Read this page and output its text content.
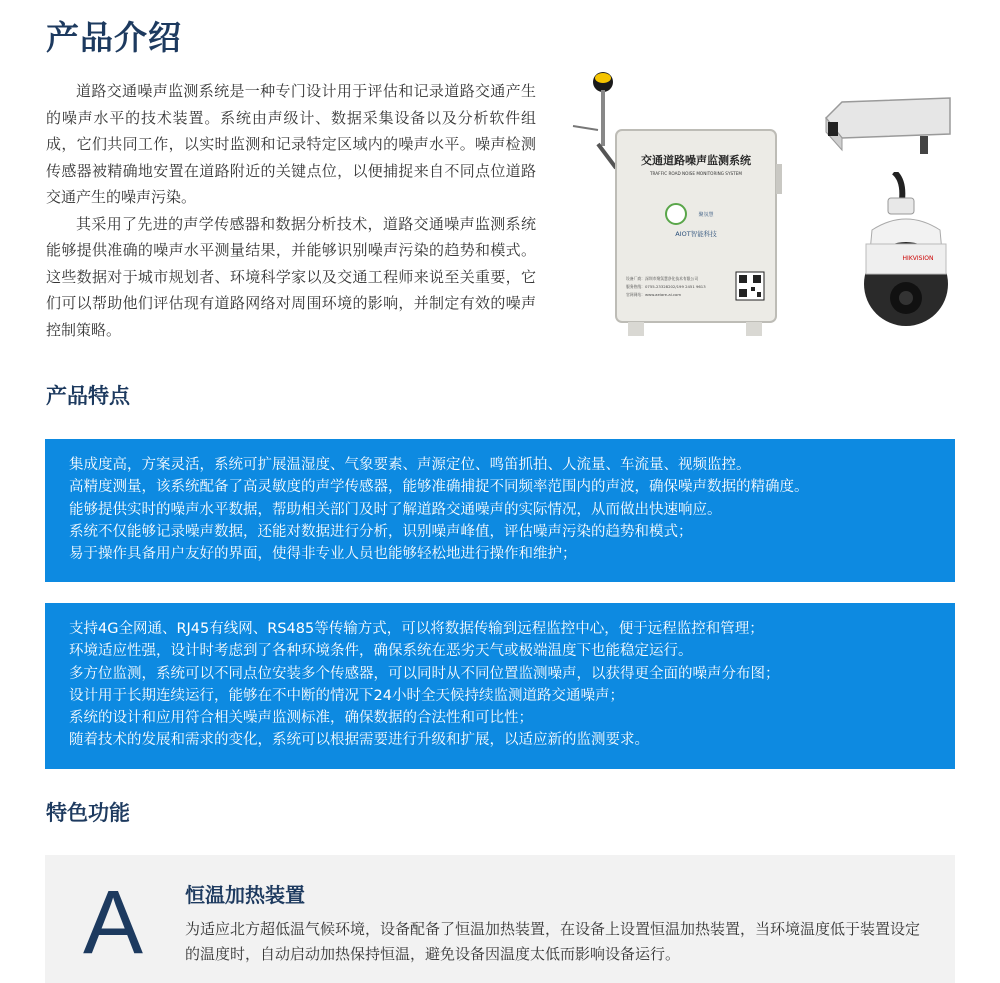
产品介绍

道路交通噪声监测系统是一种专门设计用于评估和记录道路交通产生的噪声水平的技术装置。系统由声级计、数据采集设备以及分析软件组成，它们共同工作，以实时监测和记录特定区域内的噪声水平。噪声检测传感器被精确地安置在道路附近的关键点位，以便捕捉来自不同点位道路交通产生的噪声污染。

其采用了先进的声学传感器和数据分析技术，道路交通噪声监测系统能够提供准确的噪声水平测量结果，并能够识别噪声污染的趋势和模式。这些数据对于城市规划者、环境科学家以及交通工程师来说至关重要，它们可以帮助他们评估现有道路网络对周围环境的影响，并制定有效的噪声控制策略。

交通道路噪声监测系统
TRAFFIC ROAD NOISE MONITORING SYSTEM
聚氛慧
AIOT智能科技
设备厂商：深圳市聚氛慧净化技术有限公司
服务热线：0755-23328202/199 2451 9613
官网网站：www.aeiare-ai.com
HIKVISION
产品特点
集成度高，方案灵活，系统可扩展温湿度、气象要素、声源定位、鸣笛抓拍、人流量、车流量、视频监控。
高精度测量，该系统配备了高灵敏度的声学传感器，能够准确捕捉不同频率范围内的声波，确保噪声数据的精确度。
能够提供实时的噪声水平数据，帮助相关部门及时了解道路交通噪声的实际情况，从而做出快速响应。
系统不仅能够记录噪声数据，还能对数据进行分析，识别噪声峰值，评估噪声污染的趋势和模式；
易于操作具备用户友好的界面，使得非专业人员也能够轻松地进行操作和维护；
支持4G全网通、RJ45有线网、RS485等传输方式，可以将数据传输到远程监控中心，便于远程监控和管理；
环境适应性强，设计时考虑到了各种环境条件，确保系统在恶劣天气或极端温度下也能稳定运行。
多方位监测，系统可以不同点位安装多个传感器，可以同时从不同位置监测噪声，以获得更全面的噪声分布图；
设计用于长期连续运行，能够在不中断的情况下24小时全天候持续监测道路交通噪声；
系统的设计和应用符合相关噪声监测标准，确保数据的合法性和可比性；
随着技术的发展和需求的变化，系统可以根据需要进行升级和扩展，以适应新的监测要求。
特色功能
A 恒温加热装置
为适应北方超低温气候环境，设备配备了恒温加热装置，在设备上设置恒温加热装置，当环境温度低于装置设定的温度时，自动启动加热保持恒温，避免设备因温度太低而影响设备运行。
